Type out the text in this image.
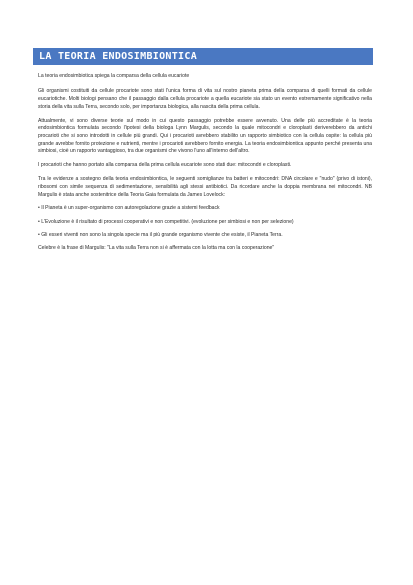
LA TEORIA ENDOSIMBIONTICA

La teoria endosimbiotica spiega la comparsa della cellula eucariote

Gli organismi costituiti da cellule procariote sono stati l'unica forma di vita sul nostro pianeta prima della comparsa di quelli formati da cellule eucariotiche. Molti biologi pensano che il passaggio dalla cellula procariote a quella eucariote sia stato un evento estremamente significativo nella storia della vita sulla Terra, secondo solo, per importanza biologica, alla nascita della prima cellula.

Attualmente, vi sono diverse teorie sul modo in cui questo passaggio potrebbe essere avvenuto. Una delle più accreditate è la teoria endosimbiontica formulata secondo l'ipotesi della biologa Lynn Margulis, secondo la quale mitocondri e cloroplasti deriverebbero da antichi procarioti che si sono introdotti in cellule più grandi. Qui i procarioti avrebbero stabilito un rapporto simbiotico con la cellula ospite: la cellula più grande avrebbe fornito protezione e nutrienti, mentre i procarioti avrebbero fornito energia. La teoria endosimbiontica appunto perché presenta una simbiosi, cioè un rapporto vantaggioso, tra due organismi che vivono l'uno all'interno dell'altro.

I procarioti che hanno portato alla comparsa della prima cellula eucariote sono stati due: mitocondri e cloroplasti.

Tra le evidenze a sostegno della teoria endosimbiontica, le seguenti somiglianze tra batteri e mitocondri: DNA circolare e "nudo" (privo di istoni), ribosomi con simile sequenza di sedimentazione, sensibilità agli stessi antibiotici. Da ricordare anche la doppia membrana nei mitocondri. NB Margulis è stata anche sostenitrice della Teoria Gaia formulata da James Lovelock:

• Il Pianeta è un super-organismo con autoregolazione grazie a sistemi feedback

• L'Evoluzione è il risultato di processi cooperativi e non competitivi. (evoluzione per simbiosi e non per selezione)

• Gli esseri viventi non sono la singola specie ma il più grande organismo vivente che esiste, il Pianeta Terra.

Celebre è la frase di Margulis: "La vita sulla Terra non si è affermata con la lotta ma con la cooperazione"
